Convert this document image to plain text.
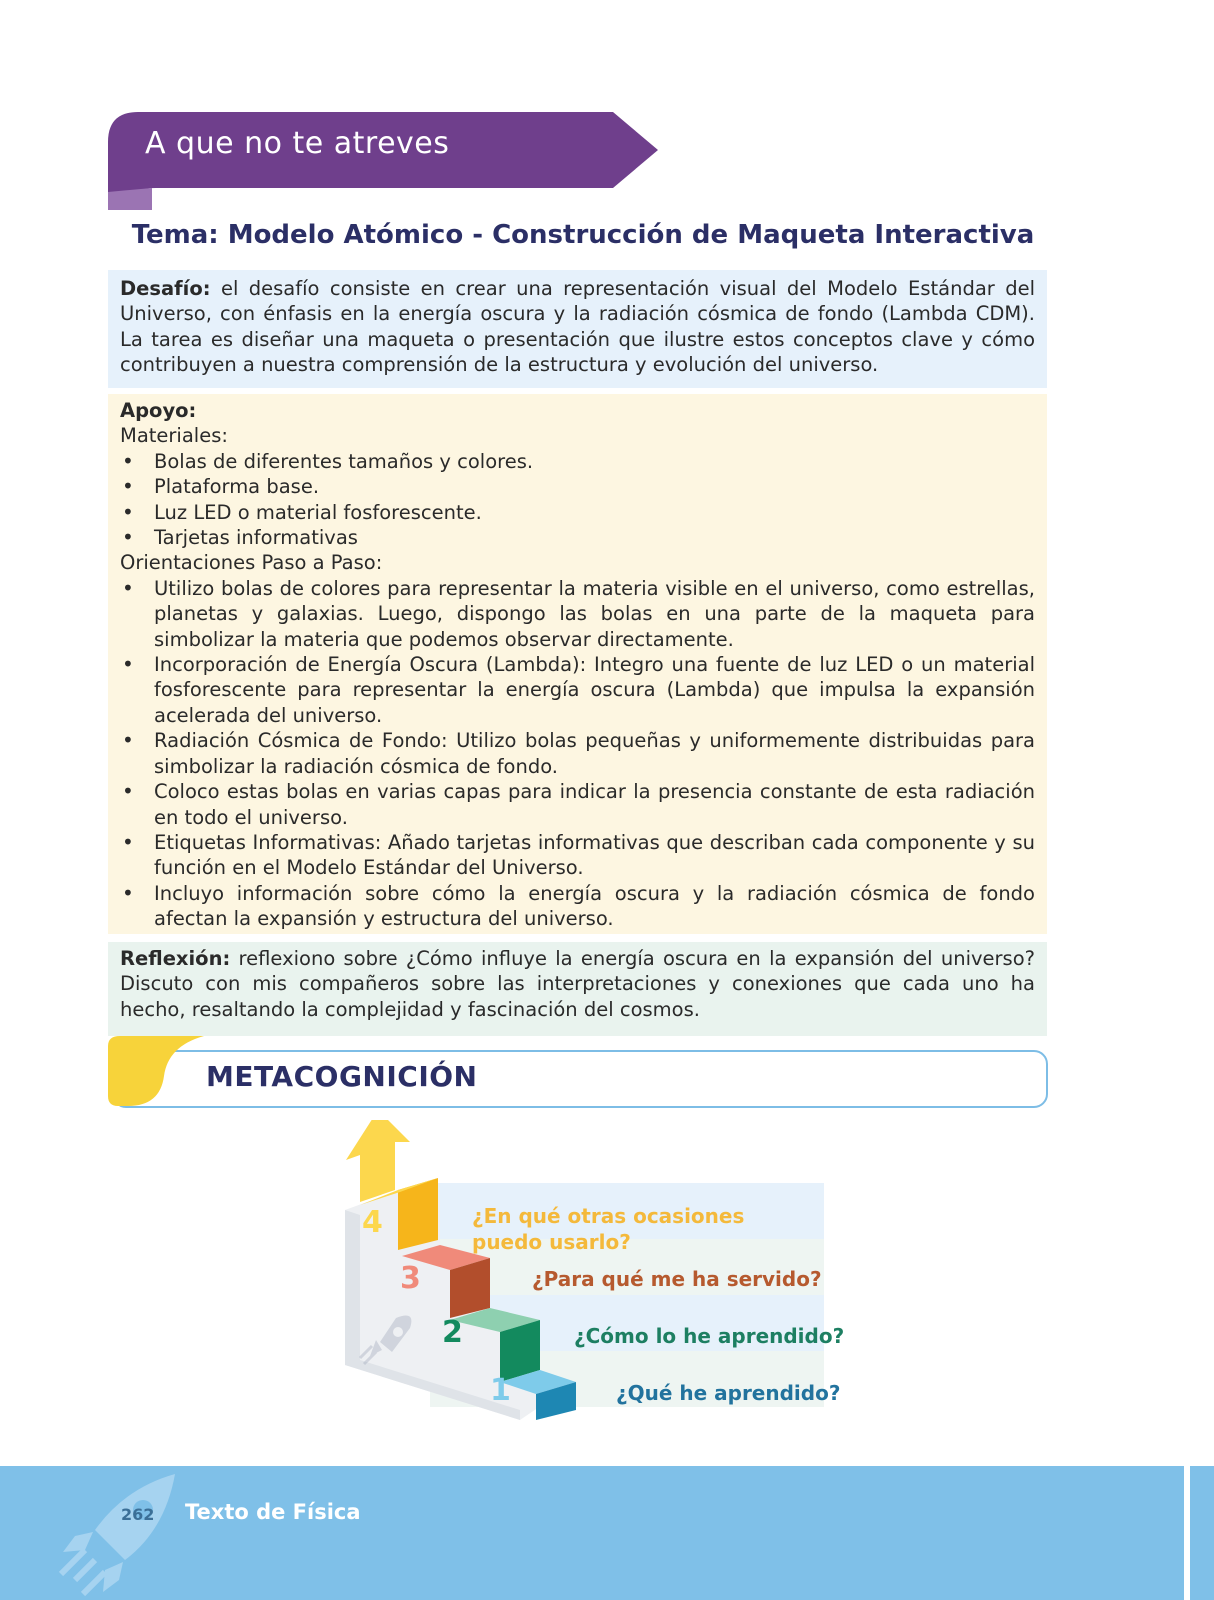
A que no te atreves
Tema: Modelo Atómico - Construcción de Maqueta Interactiva
Desafío: el desafío consiste en crear una representación visual del Modelo Estándar del Universo, con énfasis en la energía oscura y la radiación cósmica de fondo (Lambda CDM). La tarea es diseñar una maqueta o presentación que ilustre estos conceptos clave y cómo contribuyen a nuestra comprensión de la estructura y evolución del universo.
Apoyo:
Materiales:
• Bolas de diferentes tamaños y colores.
• Plataforma base.
• Luz LED o material fosforescente.
• Tarjetas informativas
Orientaciones Paso a Paso:
• Utilizo bolas de colores para representar la materia visible en el universo, como estrellas, planetas y galaxias. Luego, dispongo las bolas en una parte de la maqueta para simbolizar la materia que podemos observar directamente.
• Incorporación de Energía Oscura (Lambda): Integro una fuente de luz LED o un material fosforescente para representar la energía oscura (Lambda) que impulsa la expansión acelerada del universo.
• Radiación Cósmica de Fondo: Utilizo bolas pequeñas y uniformemente distribuidas para simbolizar la radiación cósmica de fondo.
• Coloco estas bolas en varias capas para indicar la presencia constante de esta radiación en todo el universo.
• Etiquetas Informativas: Añado tarjetas informativas que describan cada componente y su función en el Modelo Estándar del Universo.
• Incluyo información sobre cómo la energía oscura y la radiación cósmica de fondo afectan la expansión y estructura del universo.
Reflexión: reflexiono sobre ¿Cómo influye la energía oscura en la expansión del universo? Discuto con mis compañeros sobre las interpretaciones y conexiones que cada uno ha hecho, resaltando la complejidad y fascinación del cosmos.
METACOGNICIÓN
4
3
2
1
¿En qué otras ocasiones puedo usarlo?
¿Para qué me ha servido?
¿Cómo lo he aprendido?
¿Qué he aprendido?
262 Texto de Física
